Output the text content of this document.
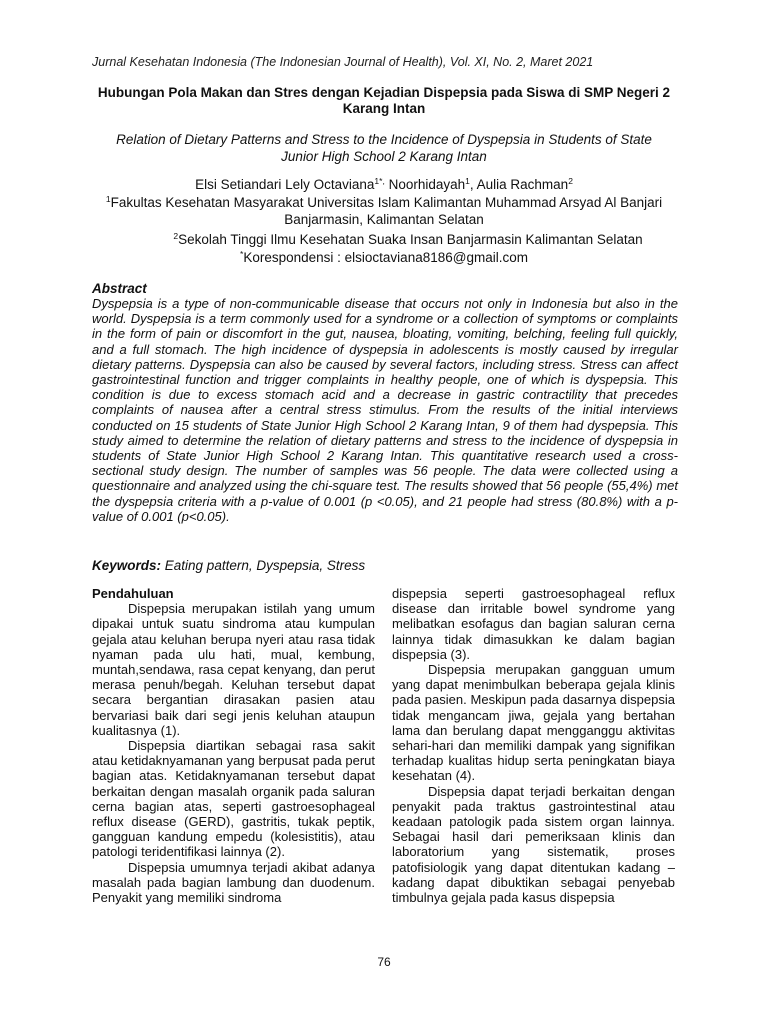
Jurnal Kesehatan Indonesia (The Indonesian Journal of Health), Vol. XI, No. 2, Maret 2021
Hubungan Pola Makan dan Stres dengan Kejadian Dispepsia pada Siswa di SMP Negeri 2 Karang Intan
Relation of Dietary Patterns and Stress to the Incidence of Dyspepsia in Students of State Junior High School 2 Karang Intan
Elsi Setiandari Lely Octaviana$^{1*,}$ Noorhidayah$^1$, Aulia Rachman$^2$
$^1$Fakultas Kesehatan Masyarakat Universitas Islam Kalimantan Muhammad Arsyad Al Banjari Banjarmasin, Kalimantan Selatan
$^2$Sekolah Tinggi Ilmu Kesehatan Suaka Insan Banjarmasin Kalimantan Selatan
*Korespondensi : elsioctaviana8186@gmail.com
Abstract
Dyspepsia is a type of non-communicable disease that occurs not only in Indonesia but also in the world. Dyspepsia is a term commonly used for a syndrome or a collection of symptoms or complaints in the form of pain or discomfort in the gut, nausea, bloating, vomiting, belching, feeling full quickly, and a full stomach. The high incidence of dyspepsia in adolescents is mostly caused by irregular dietary patterns. Dyspepsia can also be caused by several factors, including stress. Stress can affect gastrointestinal function and trigger complaints in healthy people, one of which is dyspepsia. This condition is due to excess stomach acid and a decrease in gastric contractility that precedes complaints of nausea after a central stress stimulus. From the results of the initial interviews conducted on 15 students of State Junior High School 2 Karang Intan, 9 of them had dyspepsia. This study aimed to determine the relation of dietary patterns and stress to the incidence of dyspepsia in students of State Junior High School 2 Karang Intan. This quantitative research used a cross-sectional study design. The number of samples was 56 people. The data were collected using a questionnaire and analyzed using the chi-square test. The results showed that 56 people (55,4%) met the dyspepsia criteria with a p-value of 0.001 (p <0.05), and 21 people had stress (80.8%) with a p-value of 0.001 (p<0.05).
Keywords: Eating pattern, Dyspepsia, Stress

Pendahuluan

Dispepsia merupakan istilah yang umum dipakai untuk suatu sindroma atau kumpulan gejala atau keluhan berupa nyeri atau rasa tidak nyaman pada ulu hati, mual, kembung, muntah,sendawa, rasa cepat kenyang, dan perut merasa penuh/begah. Keluhan tersebut dapat secara bergantian dirasakan pasien atau bervariasi baik dari segi jenis keluhan ataupun kualitasnya (1).

Dispepsia diartikan sebagai rasa sakit atau ketidaknyamanan yang berpusat pada perut bagian atas. Ketidaknyamanan tersebut dapat berkaitan dengan masalah organik pada saluran cerna bagian atas, seperti gastroesophageal reflux disease (GERD), gastritis, tukak peptik, gangguan kandung empedu (kolesistitis), atau patologi teridentifikasi lainnya (2).

Dispepsia umumnya terjadi akibat adanya masalah pada bagian lambung dan duodenum. Penyakit yang memiliki sindroma

dispepsia seperti gastroesophageal reflux disease dan irritable bowel syndrome yang melibatkan esofagus dan bagian saluran cerna lainnya tidak dimasukkan ke dalam bagian dispepsia (3).

Dispepsia merupakan gangguan umum yang dapat menimbulkan beberapa gejala klinis pada pasien. Meskipun pada dasarnya dispepsia tidak mengancam jiwa, gejala yang bertahan lama dan berulang dapat mengganggu aktivitas sehari-hari dan memiliki dampak yang signifikan terhadap kualitas hidup serta peningkatan biaya kesehatan (4).

Dispepsia dapat terjadi berkaitan dengan penyakit pada traktus gastrointestinal atau keadaan patologik pada sistem organ lainnya. Sebagai hasil dari pemeriksaan klinis dan laboratorium yang sistematik, proses patofisiologik yang dapat ditentukan kadang – kadang dapat dibuktikan sebagai penyebab timbulnya gejala pada kasus dispepsia

76
